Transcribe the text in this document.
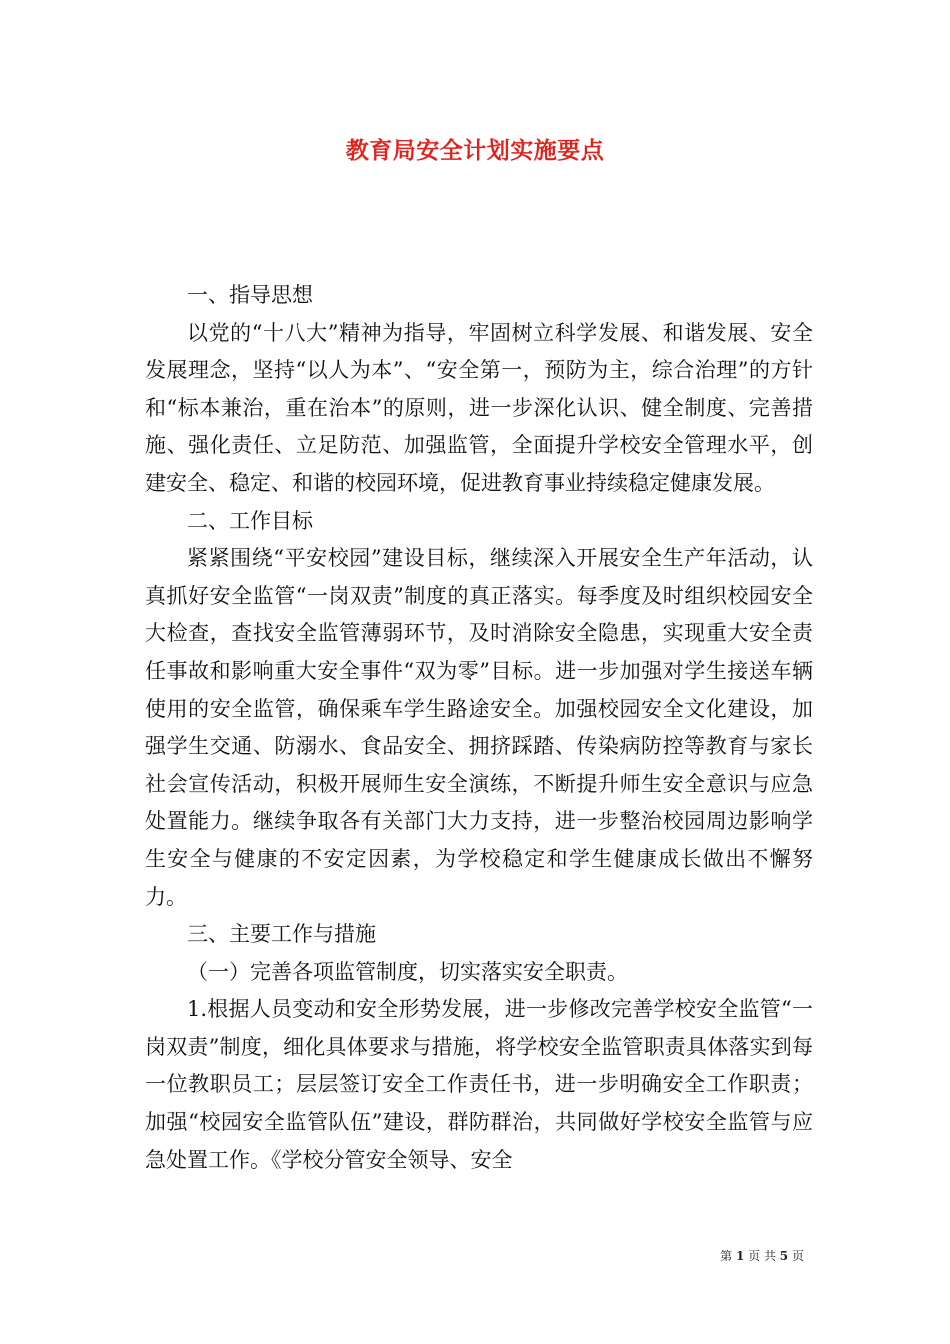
教育局安全计划实施要点

一、指导思想

以党的“十八大”精神为指导，牢固树立科学发展、和谐发展、安全发展理念，坚持“以人为本”、“安全第一，预防为主，综合治理”的方针和“标本兼治，重在治本”的原则，进一步深化认识、健全制度、完善措施、强化责任、立足防范、加强监管，全面提升学校安全管理水平，创建安全、稳定、和谐的校园环境，促进教育事业持续稳定健康发展。

二、工作目标

紧紧围绕“平安校园”建设目标，继续深入开展安全生产年活动，认真抓好安全监管“一岗双责”制度的真正落实。每季度及时组织校园安全大检查，查找安全监管薄弱环节，及时消除安全隐患，实现重大安全责任事故和影响重大安全事件“双为零”目标。进一步加强对学生接送车辆使用的安全监管，确保乘车学生路途安全。加强校园安全文化建设，加强学生交通、防溺水、食品安全、拥挤踩踏、传染病防控等教育与家长社会宣传活动，积极开展师生安全演练，不断提升师生安全意识与应急处置能力。继续争取各有关部门大力支持，进一步整治校园周边影响学生安全与健康的不安定因素，为学校稳定和学生健康成长做出不懈努力。

三、主要工作与措施

（一）完善各项监管制度，切实落实安全职责。

1.根据人员变动和安全形势发展，进一步修改完善学校安全监管“一岗双责”制度，细化具体要求与措施，将学校安全监管职责具体落实到每一位教职员工；层层签订安全工作责任书，进一步明确安全工作职责；加强“校园安全监管队伍”建设，群防群治，共同做好学校安全监管与应急处置工作。《学校分管安全领导、安全

第 1 页 共 5 页
